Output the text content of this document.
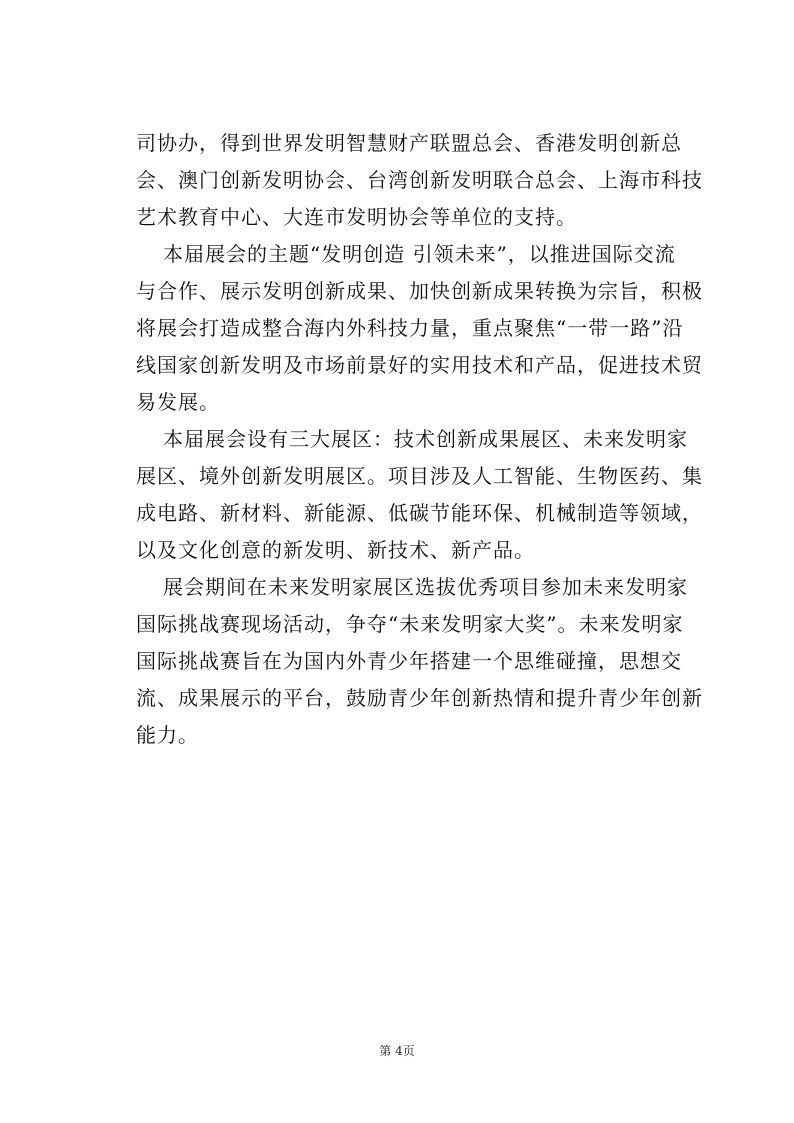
司协办，得到世界发明智慧财产联盟总会、香港发明创新总
会、澳门创新发明协会、台湾创新发明联合总会、上海市科技
艺术教育中心、大连市发明协会等单位的支持。
本届展会的主题“发明创造 引领未来”，以推进国际交流
与合作、展示发明创新成果、加快创新成果转换为宗旨，积极
将展会打造成整合海内外科技力量，重点聚焦“一带一路”沿
线国家创新发明及市场前景好的实用技术和产品，促进技术贸
易发展。
本届展会设有三大展区：技术创新成果展区、未来发明家
展区、境外创新发明展区。项目涉及人工智能、生物医药、集
成电路、新材料、新能源、低碳节能环保、机械制造等领域，
以及文化创意的新发明、新技术、新产品。
展会期间在未来发明家展区选拔优秀项目参加未来发明家
国际挑战赛现场活动，争夺“未来发明家大奖”。未来发明家
国际挑战赛旨在为国内外青少年搭建一个思维碰撞，思想交
流、成果展示的平台，鼓励青少年创新热情和提升青少年创新
能力。
第 4页
